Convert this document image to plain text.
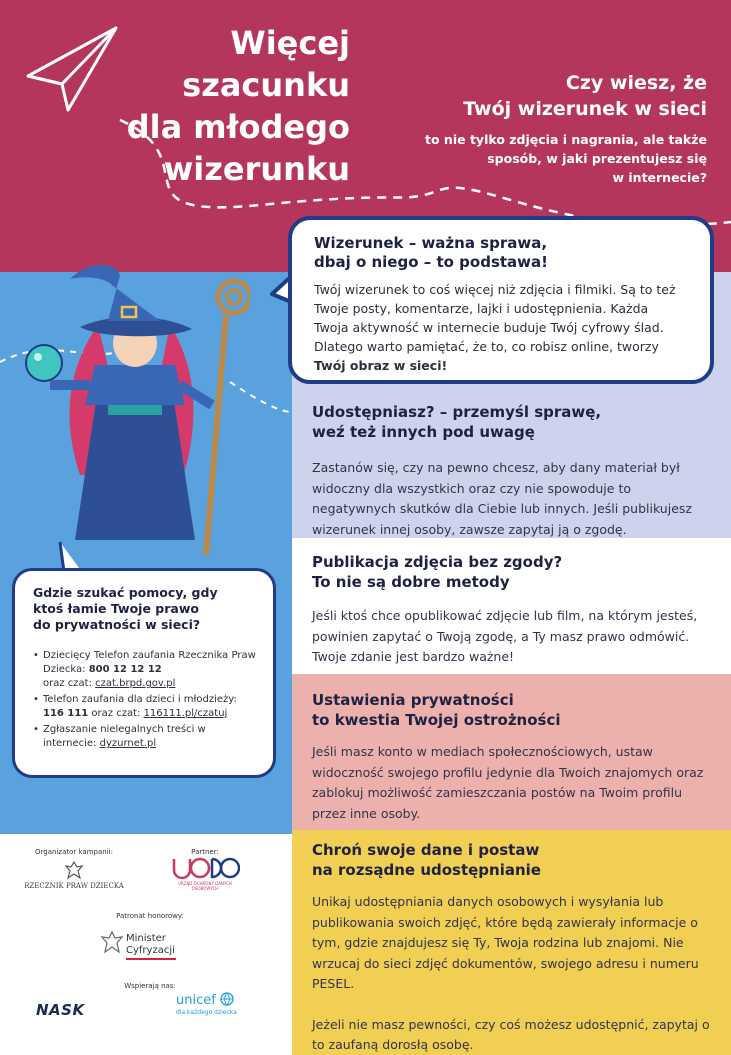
Więcej
szacunku
dla młodego
wizerunku
Czy wiesz, że
Twój wizerunek w sieci
to nie tylko zdjęcia i nagrania, ale także
sposób, w jaki prezentujesz się
w internecie?
Wizerunek – ważna sprawa,
dbaj o niego – to podstawa!
Twój wizerunek to coś więcej niż zdjęcia i filmiki. Są to też Twoje posty, komentarze, lajki i udostępnienia. Każda Twoja aktywność w internecie buduje Twój cyfrowy ślad. Dlatego warto pamiętać, że to, co robisz online, tworzy Twój obraz w sieci!
Udostępniasz? – przemyśl sprawę,
weź też innych pod uwagę
Zastanów się, czy na pewno chcesz, aby dany materiał był widoczny dla wszystkich oraz czy nie spowoduje to negatywnych skutków dla Ciebie lub innych. Jeśli publikujesz wizerunek innej osoby, zawsze zapytaj ją o zgodę.
Publikacja zdjęcia bez zgody?
To nie są dobre metody
Jeśli ktoś chce opublikować zdjęcie lub film, na którym jesteś, powinien zapytać o Twoją zgodę, a Ty masz prawo odmówić. Twoje zdanie jest bardzo ważne!
Ustawienia prywatności
to kwestia Twojej ostrożności
Jeśli masz konto w mediach społecznościowych, ustaw widoczność swojego profilu jedynie dla Twoich znajomych oraz zablokuj możliwość zamieszczania postów na Twoim profilu przez inne osoby.
Chroń swoje dane i postaw
na rozsądne udostępnianie
Unikaj udostępniania danych osobowych i wysyłania lub publikowania swoich zdjęć, które będą zawierały informacje o tym, gdzie znajdujesz się Ty, Twoja rodzina lub znajomi. Nie wrzucaj do sieci zdjęć dokumentów, swojego adresu i numeru PESEL.
Jeżeli nie masz pewności, czy coś możesz udostępnić, zapytaj o to zaufaną dorosłą osobę.
Gdzie szukać pomocy, gdy
ktoś łamie Twoje prawo
do prywatności w sieci?
• Dziecięcy Telefon zaufania Rzecznika Praw Dziecka: 800 12 12 12
oraz czat: czat.brpd.gov.pl
• Telefon zaufania dla dzieci i młodzieży:
116 111 oraz czat: 116111.pl/czatuj
• Zgłaszanie nielegalnych treści w internecie: dyzurnet.pl
Organizator kampanii:
RZECZNIK PRAW DZIECKA
Partner:
URZĄD OCHRONY DANYCH OSOBOWYCH
Patronat honorowy:
Minister
Cyfryzacji
Wspierają nas:
NASK
unicef
dla każdego dziecka
